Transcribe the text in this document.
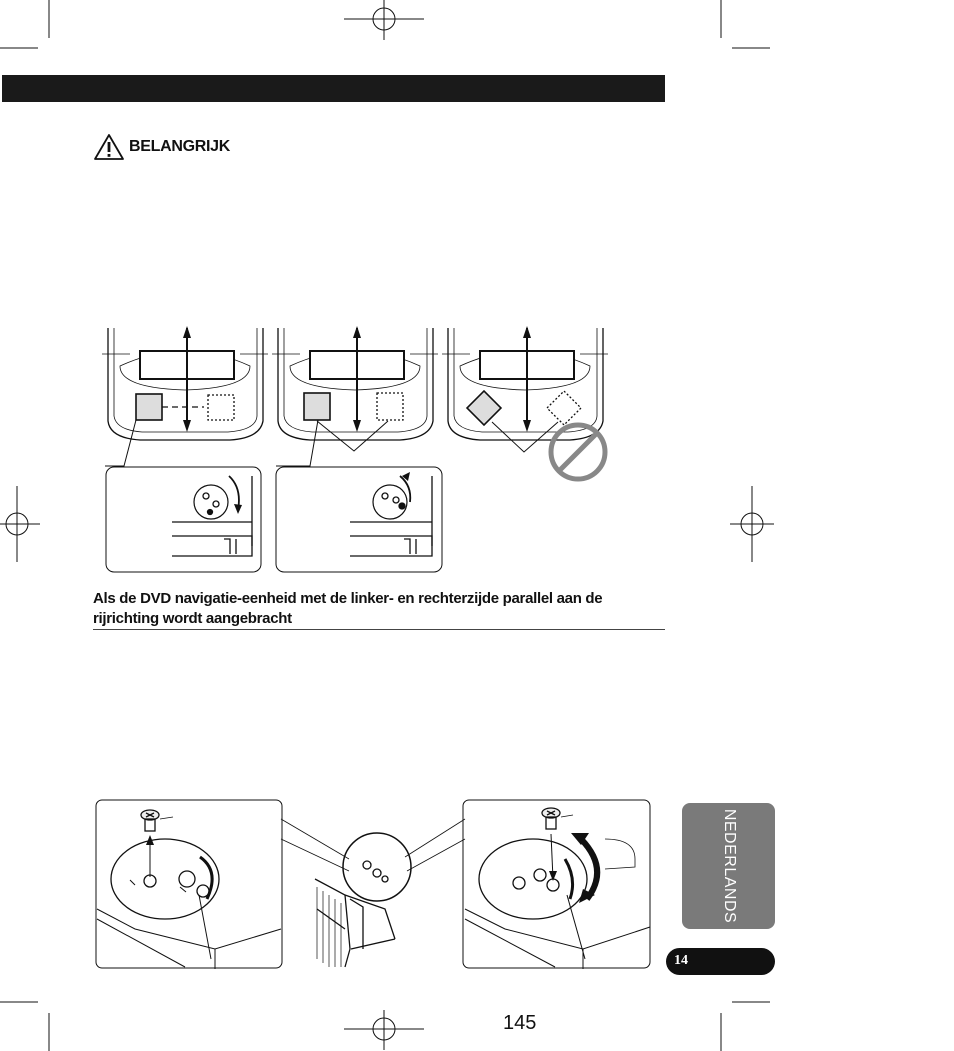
BELANGRIJK
Als de DVD navigatie-eenheid met de linker- en rechterzijde parallel aan de rijrichting wordt aangebracht
NEDERLANDS
14
145
